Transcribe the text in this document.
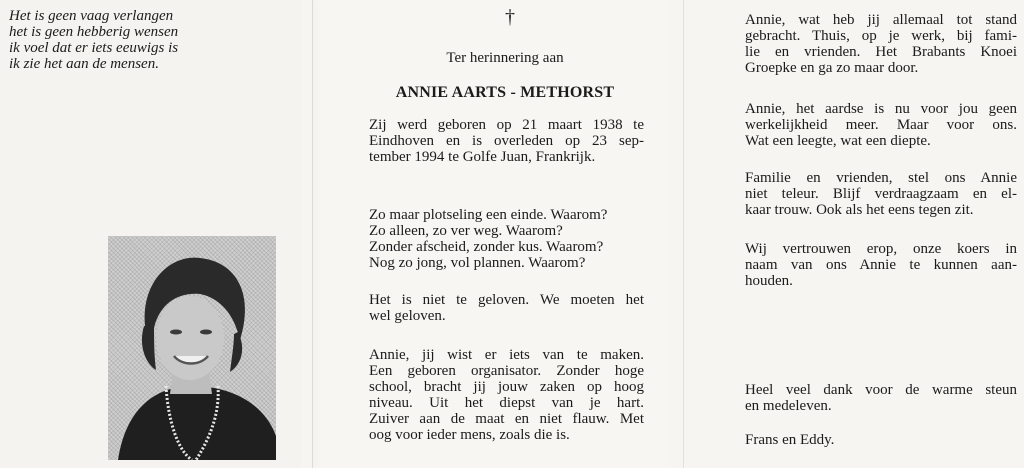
Het is geen vaag verlangen
het is geen hebberig wensen
ik voel dat er iets eeuwigs is
ik zie het aan de mensen.
†
Ter herinnering aan
ANNIE AARTS - METHORST
Zij werd geboren op 21 maart 1938 te
Eindhoven en is overleden op 23 sep-
tember 1994 te Golfe Juan, Frankrijk.
Zo maar plotseling een einde. Waarom?
Zo alleen, zo ver weg. Waarom?
Zonder afscheid, zonder kus. Waarom?
Nog zo jong, vol plannen. Waarom?
Het is niet te geloven. We moeten het
wel geloven.
Annie, jij wist er iets van te maken.
Een geboren organisator. Zonder hoge
school, bracht jij jouw zaken op hoog
niveau. Uit het diepst van je hart.
Zuiver aan de maat en niet flauw. Met
oog voor ieder mens, zoals die is.
Annie, wat heb jij allemaal tot stand
gebracht. Thuis, op je werk, bij fami-
lie en vrienden. Het Brabants Knoei
Groepke en ga zo maar door.
Annie, het aardse is nu voor jou geen
werkelijkheid meer. Maar voor ons.
Wat een leegte, wat een diepte.
Familie en vrienden, stel ons Annie
niet teleur. Blijf verdraagzaam en el-
kaar trouw. Ook als het eens tegen zit.
Wij vertrouwen erop, onze koers in
naam van ons Annie te kunnen aan-
houden.
Heel veel dank voor de warme steun
en medeleven.
Frans en Eddy.
